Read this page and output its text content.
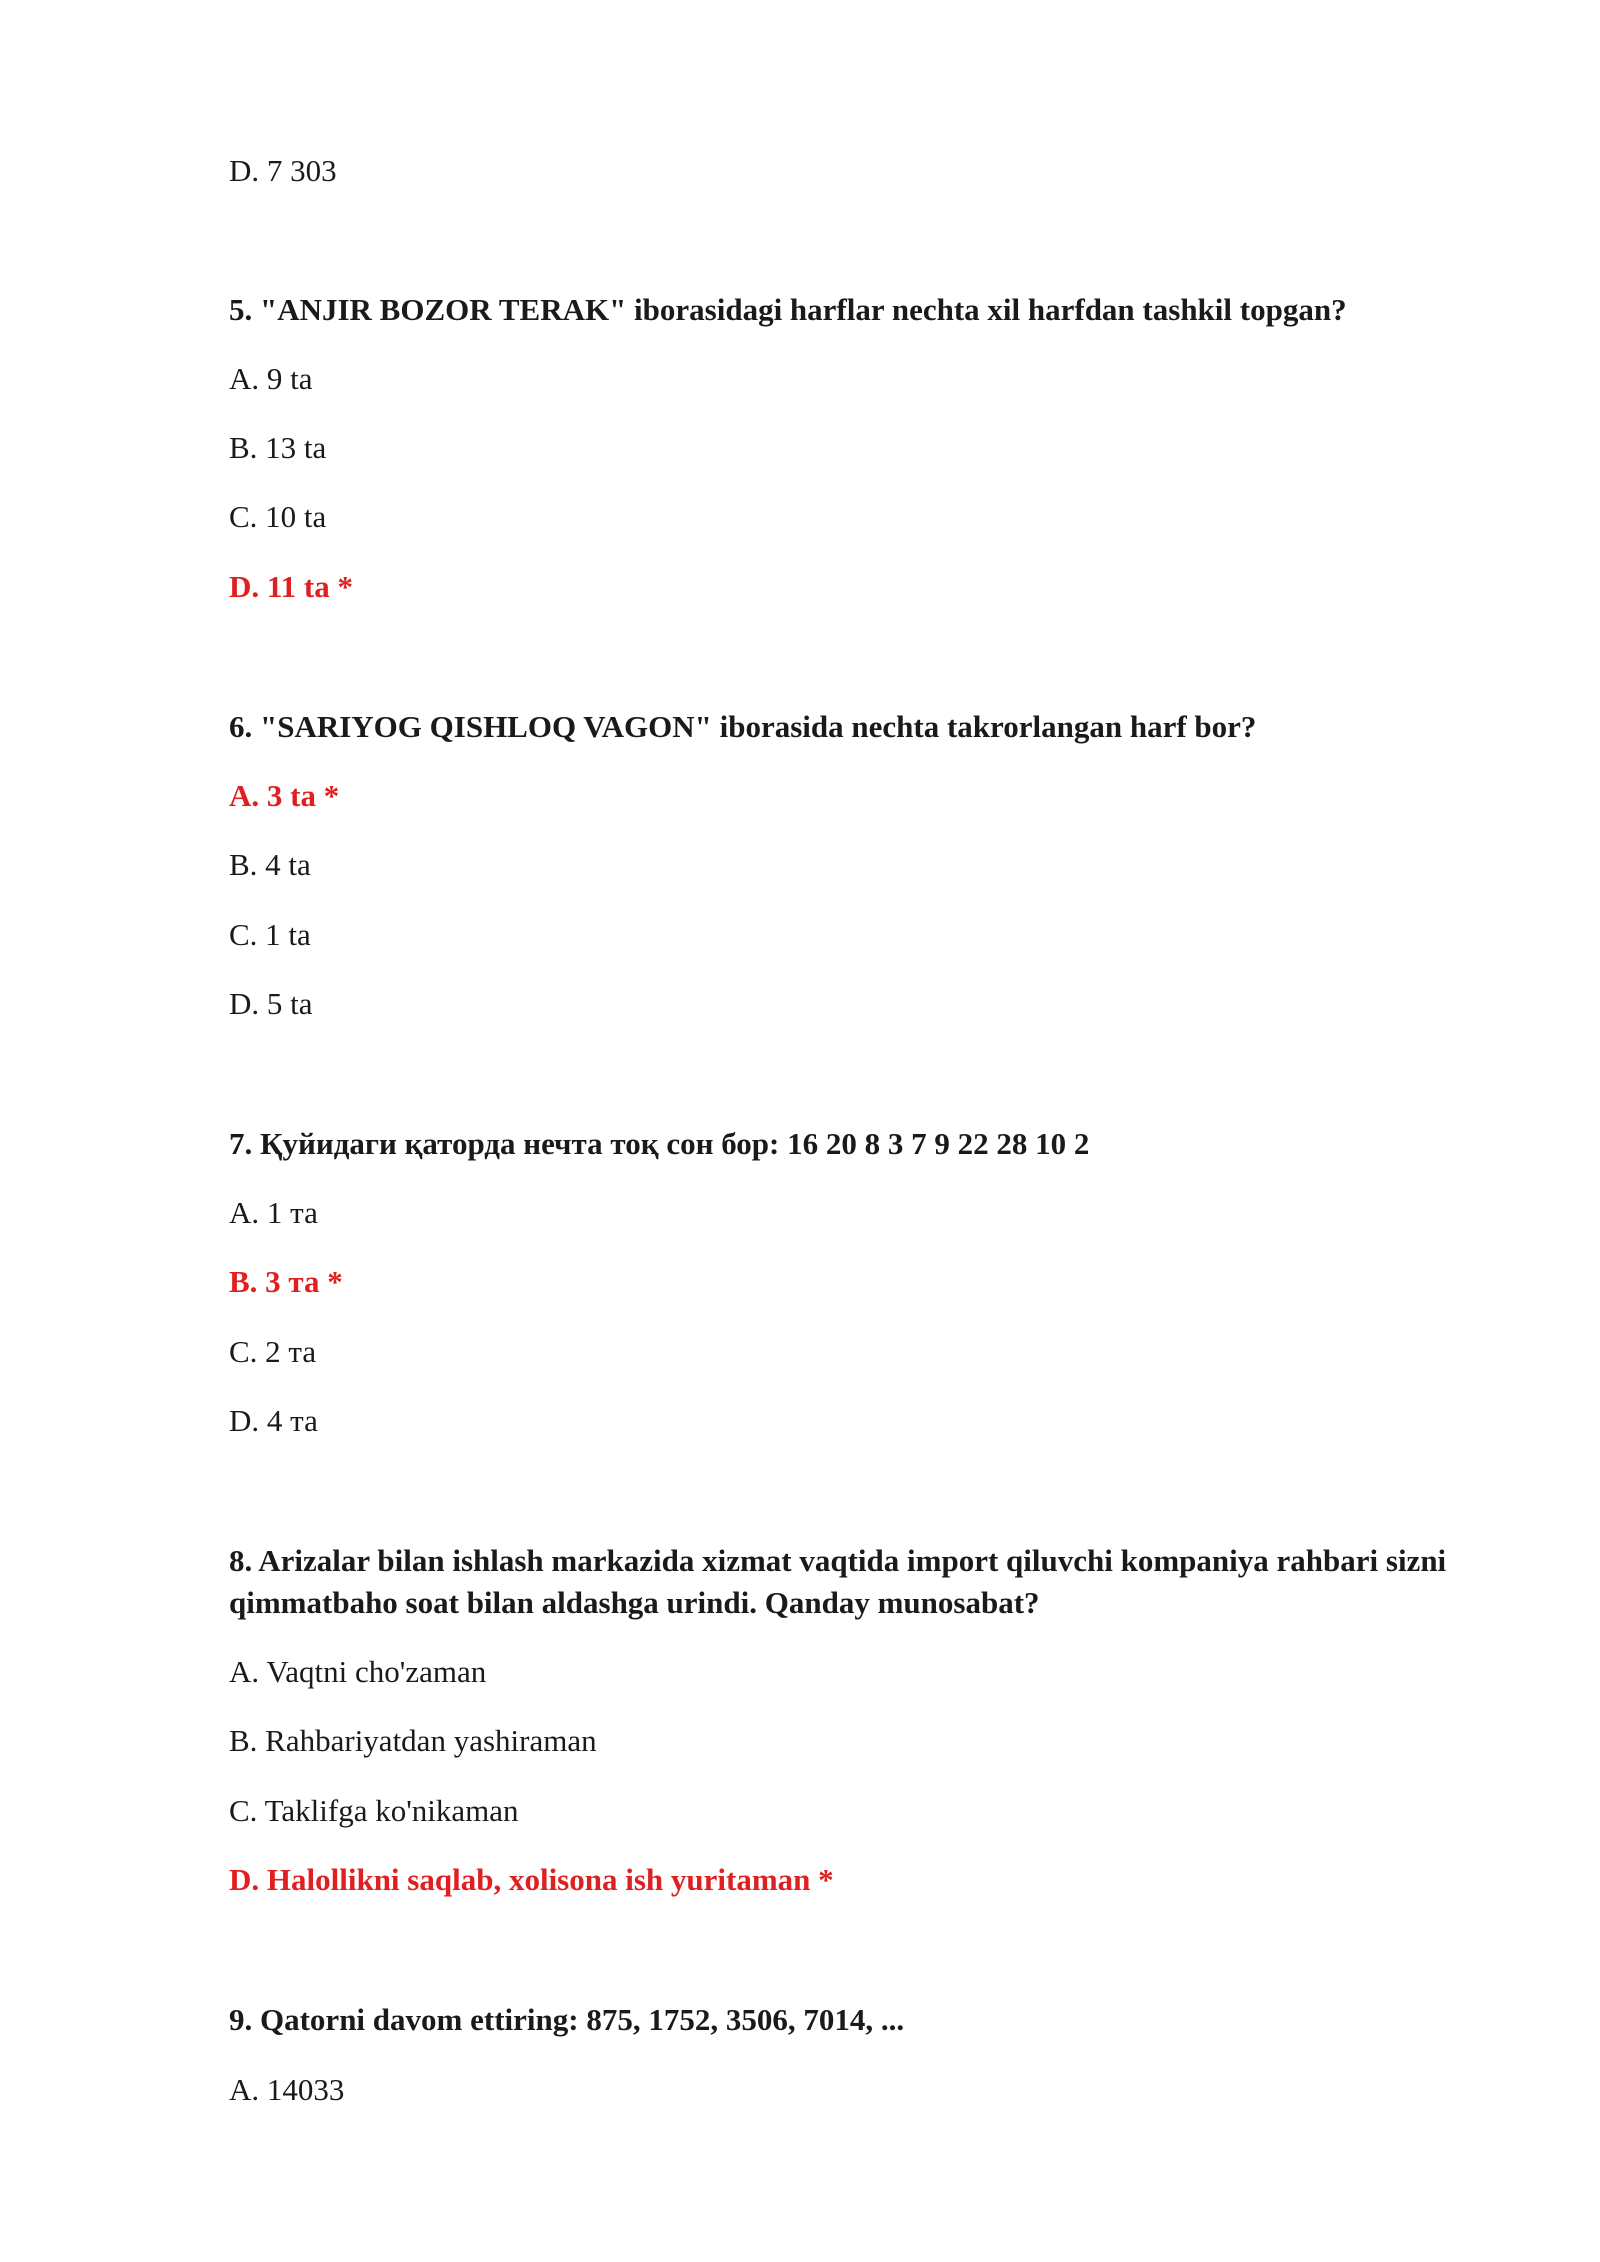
D. 7 303
5. "ANJIR BOZOR TERAK" iborasidagi harflar nechta xil harfdan tashkil topgan?
A. 9 ta
B. 13 ta
C. 10 ta
D. 11 ta *
6. "SARIYOG QISHLOQ VAGON" iborasida nechta takrorlangan harf bor?
A. 3 ta *
B. 4 ta
C. 1 ta
D. 5 ta
7. Қуйидаги қаторда нечта тоқ сон бор: 16 20 8 3 7 9 22 28 10 2
A. 1 та
B. 3 та *
C. 2 та
D. 4 та
8. Arizalar bilan ishlash markazida xizmat vaqtida import qiluvchi kompaniya rahbari sizni qimmatbaho soat bilan aldashga urindi. Qanday munosabat?
A. Vaqtni cho'zaman
B. Rahbariyatdan yashiraman
C. Taklifga ko'nikaman
D. Halollikni saqlab, xolisona ish yuritaman *
9. Qatorni davom ettiring: 875, 1752, 3506, 7014, ...
A. 14033
